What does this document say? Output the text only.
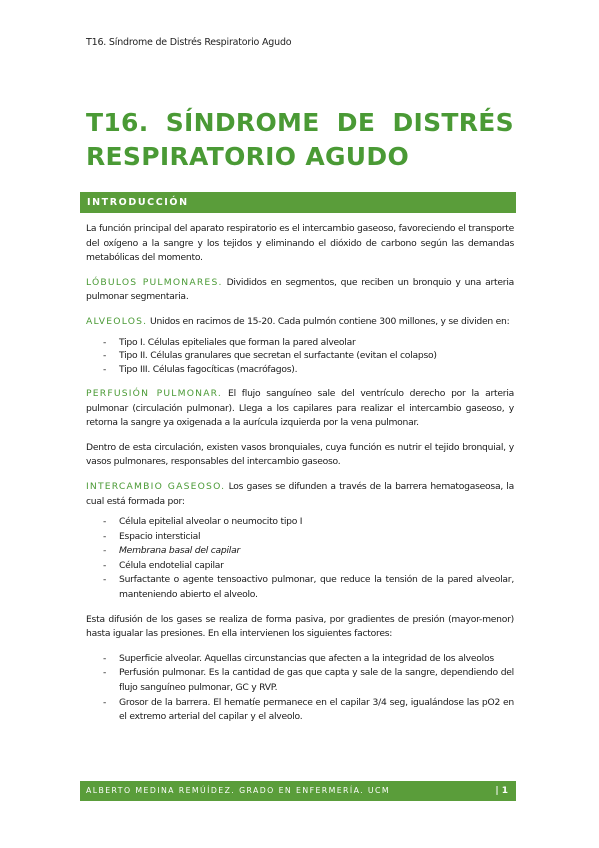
T16. Síndrome de Distrés Respiratorio Agudo
T16. SÍNDROME DE DISTRÉS RESPIRATORIO AGUDO
INTRODUCCIÓN

La función principal del aparato respiratorio es el intercambio gaseoso, favoreciendo el transporte del oxígeno a la sangre y los tejidos y eliminando el dióxido de carbono según las demandas metabólicas del momento.

LÓBULOS PULMONARES. Divididos en segmentos, que reciben un bronquio y una arteria pulmonar segmentaria.

ALVEOLOS. Unidos en racimos de 15-20. Cada pulmón contiene 300 millones, y se dividen en:

- Tipo I. Células epiteliales que forman la pared alveolar
- Tipo II. Células granulares que secretan el surfactante (evitan el colapso)
- Tipo III. Células fagocíticas (macrófagos).

PERFUSIÓN PULMONAR. El flujo sanguíneo sale del ventrículo derecho por la arteria pulmonar (circulación pulmonar). Llega a los capilares para realizar el intercambio gaseoso, y retorna la sangre ya oxigenada a la aurícula izquierda por la vena pulmonar.

Dentro de esta circulación, existen vasos bronquiales, cuya función es nutrir el tejido bronquial, y vasos pulmonares, responsables del intercambio gaseoso.

INTERCAMBIO GASEOSO. Los gases se difunden a través de la barrera hematogaseosa, la cual está formada por:

- Célula epitelial alveolar o neumocito tipo I
- Espacio intersticial
- Membrana basal del capilar
- Célula endotelial capilar
- Surfactante o agente tensoactivo pulmonar, que reduce la tensión de la pared alveolar, manteniendo abierto el alveolo.

Esta difusión de los gases se realiza de forma pasiva, por gradientes de presión (mayor-menor) hasta igualar las presiones. En ella intervienen los siguientes factores:

- Superficie alveolar. Aquellas circunstancias que afecten a la integridad de los alveolos
- Perfusión pulmonar. Es la cantidad de gas que capta y sale de la sangre, dependiendo del flujo sanguíneo pulmonar, GC y RVP.
- Grosor de la barrera. El hematíe permanece en el capilar 3/4 seg, igualándose las pO2 en el extremo arterial del capilar y el alveolo.
ALBERTO MEDINA REMÚÍDEZ. GRADO EN ENFERMERÍA. UCM	| 1
